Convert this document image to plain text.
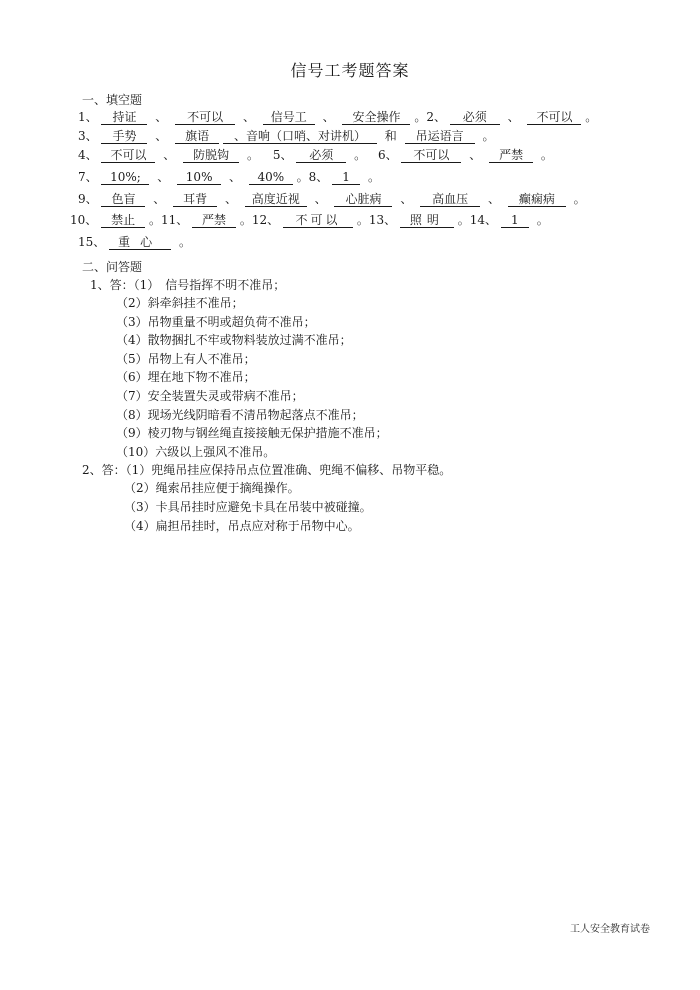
信号工考题答案
一、填空题
1、 持证 、 不可以 、 信号工 、 安全操作 。2、 必须 、 不可以 。
3、 手势 、 旗语 、音响（口哨、对讲机） 和 吊运语言 。
4、 不可以 、 防脱钩 。 5、 必须 。 6、 不可以 、 严禁 。
7、 10%; 、 10% 、 40% 。8、 1 。
9、 色盲 、 耳背 、 高度近视 、 心脏病 、 高血压 、 癫痫病 。
10、 禁止 。11、 严禁 。12、 不可以 。13、 照明 。14、 1 。
15、 重心 。
二、问答题
1、答：（1） 信号指挥不明不准吊；
（2）斜牵斜挂不准吊；
（3）吊物重量不明或超负荷不准吊；
（4）散物捆扎不牢或物料装放过满不准吊；
（5）吊物上有人不准吊；
（6）埋在地下物不准吊；
（7）安全装置失灵或带病不准吊；
（8）现场光线阴暗看不清吊物起落点不准吊；
（9）棱刃物与钢丝绳直接接触无保护措施不准吊；
（10）六级以上强风不准吊。
2、答：（1）兜绳吊挂应保持吊点位置准确、兜绳不偏移、吊物平稳。
（2）绳索吊挂应便于摘绳操作。
（3）卡具吊挂时应避免卡具在吊装中被碰撞。
（4）扁担吊挂时，吊点应对称于吊物中心。
工人安全教育试卷
